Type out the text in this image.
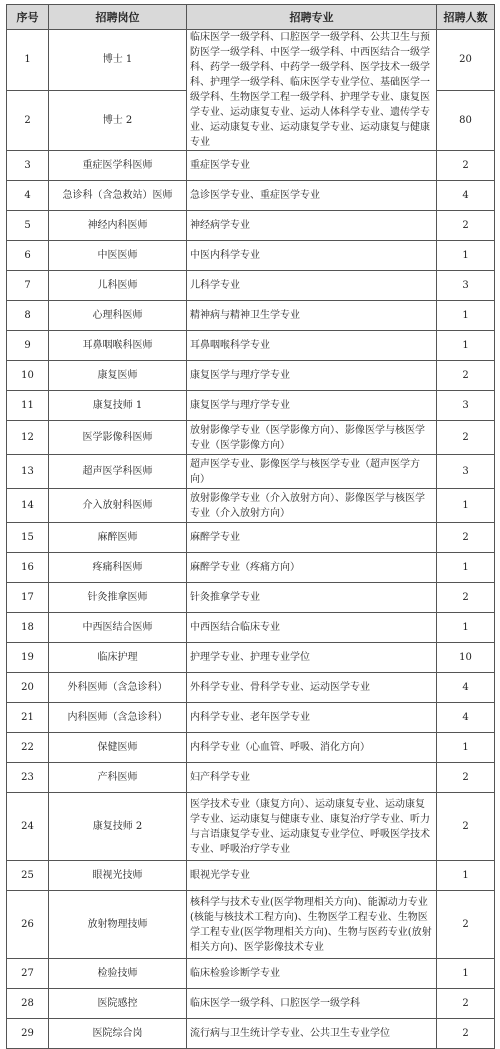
序号	招聘岗位	招聘专业	招聘人数
1	博士 1	临床医学一级学科、口腔医学一级学科、公共卫生与预防医学一级学科、中医学一级学科、中西医结合一级学科、药学一级学科、中药学一级学科、医学技术一级学科、护理学一级学科、临床医学专业学位、基础医学一级学科、生物医学工程一级学科、护理学专业、康复医学专业、运动康复专业、运动人体科学专业、遗传学专业、运动康复专业、运动康复学专业、运动康复与健康专业	20
2	博士 2		80
3	重症医学科医师	重症医学专业	2
4	急诊科（含急救站）医师	急诊医学专业、重症医学专业	4
5	神经内科医师	神经病学专业	2
6	中医医师	中医内科学专业	1
7	儿科医师	儿科学专业	3
8	心理科医师	精神病与精神卫生学专业	1
9	耳鼻咽喉科医师	耳鼻咽喉科学专业	1
10	康复医师	康复医学与理疗学专业	2
11	康复技师 1	康复医学与理疗学专业	3
12	医学影像科医师	放射影像学专业（医学影像方向）、影像医学与核医学专业（医学影像方向）	2
13	超声医学科医师	超声医学专业、影像医学与核医学专业（超声医学方向）	3
14	介入放射科医师	放射影像学专业（介入放射方向）、影像医学与核医学专业（介入放射方向）	1
15	麻醉医师	麻醉学专业	2
16	疼痛科医师	麻醉学专业（疼痛方向）	1
17	针灸推拿医师	针灸推拿学专业	2
18	中西医结合医师	中西医结合临床专业	1
19	临床护理	护理学专业、护理专业学位	10
20	外科医师（含急诊科）	外科学专业、骨科学专业、运动医学专业	4
21	内科医师（含急诊科）	内科学专业、老年医学专业	4
22	保健医师	内科学专业（心血管、呼吸、消化方向）	1
23	产科医师	妇产科学专业	2
24	康复技师 2	医学技术专业（康复方向）、运动康复专业、运动康复学专业、运动康复与健康专业、康复治疗学专业、听力与言语康复学专业、运动康复专业学位、呼吸医学技术专业、呼吸治疗学专业	2
25	眼视光技师	眼视光学专业	1
26	放射物理技师	核科学与技术专业(医学物理相关方向)、能源动力专业(核能与核技术工程方向)、生物医学工程专业、生物医学工程专业(医学物理相关方向)、生物与医药专业(放射相关方向)、医学影像技术专业	2
27	检验技师	临床检验诊断学专业	1
28	医院感控	临床医学一级学科、口腔医学一级学科	2
29	医院综合岗	流行病与卫生统计学专业、公共卫生专业学位	2
